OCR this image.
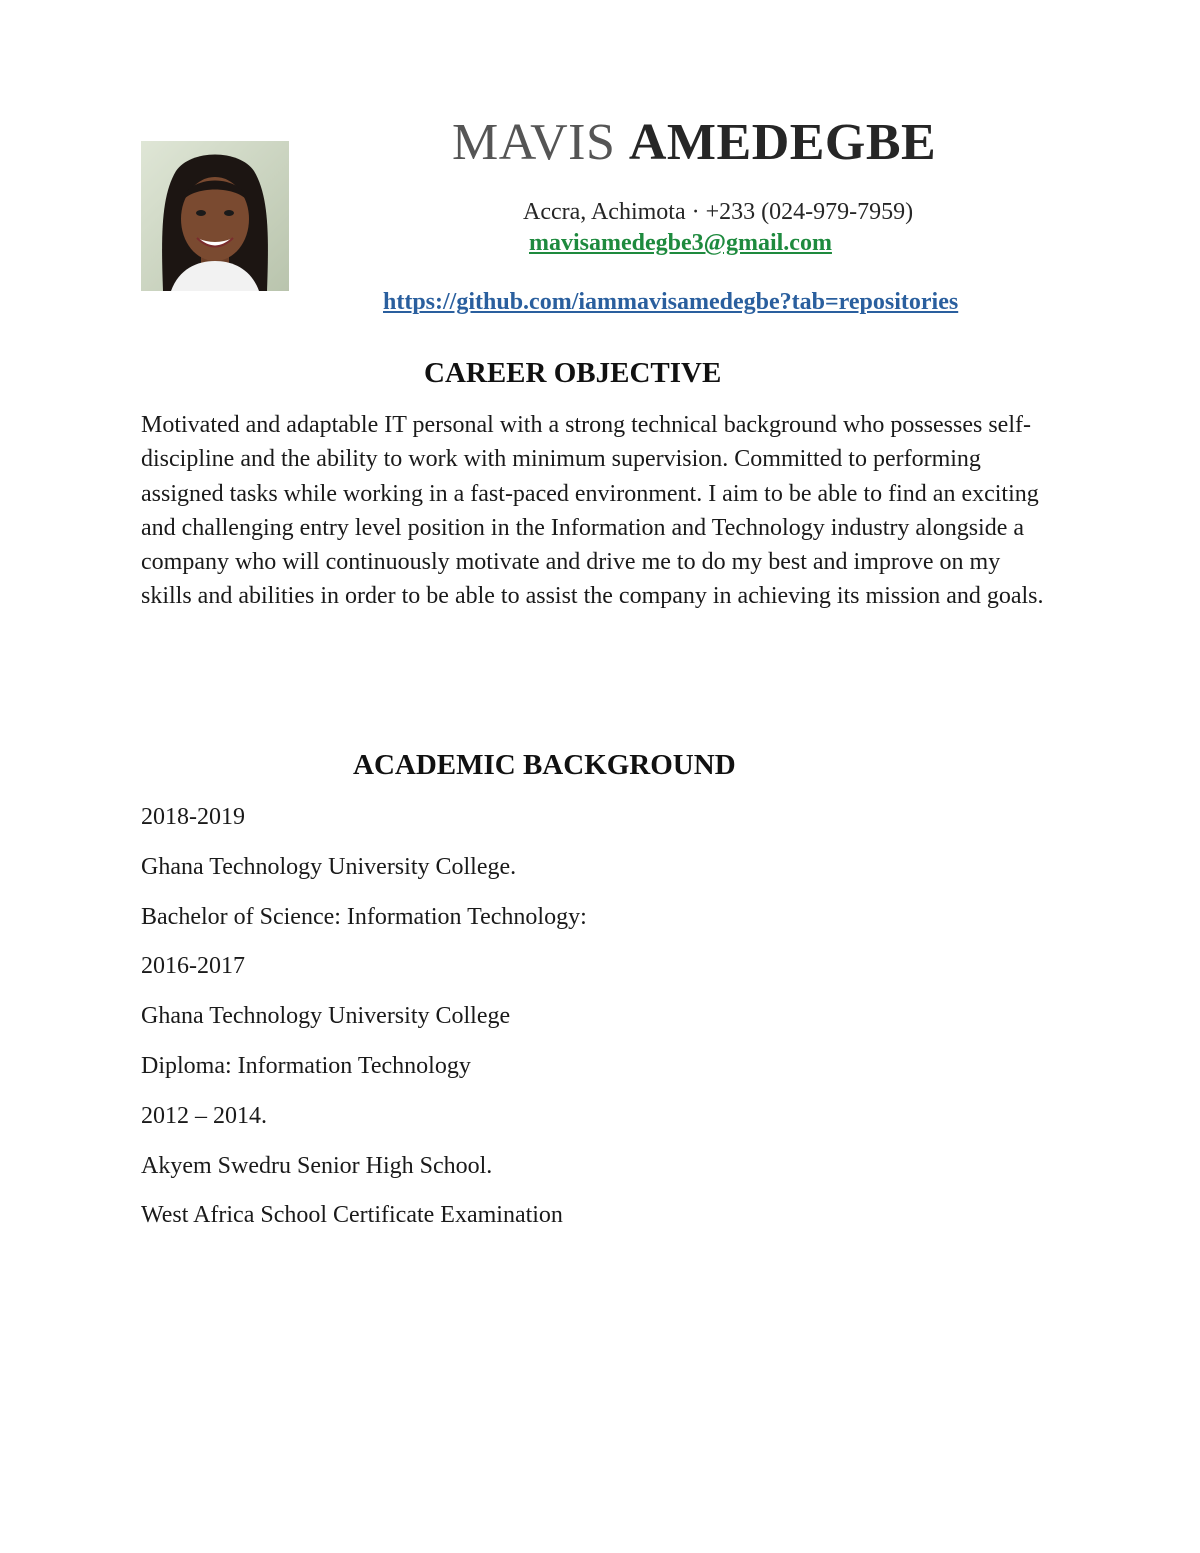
MAVIS AMEDEGBE
Accra, Achimota · +233 (024-979-7959)
mavisamedegbe3@gmail.com
https://github.com/iammavisamedegbe?tab=repositories
CAREER OBJECTIVE

Motivated and adaptable IT personal with a strong technical background who possesses self-discipline and the ability to work with minimum supervision. Committed to performing assigned tasks while working in a fast-paced environment. I aim to be able to find an exciting and challenging entry level position in the Information and Technology industry alongside a company who will continuously motivate and drive me to do my best and improve on my skills and abilities in order to be able to assist the company in achieving its mission and goals.

ACADEMIC BACKGROUND
2018-2019
Ghana Technology University College.
Bachelor of Science: Information Technology:
2016-2017
Ghana Technology University College
Diploma: Information Technology
2012 – 2014.
Akyem Swedru Senior High School.
West Africa School Certificate Examination
